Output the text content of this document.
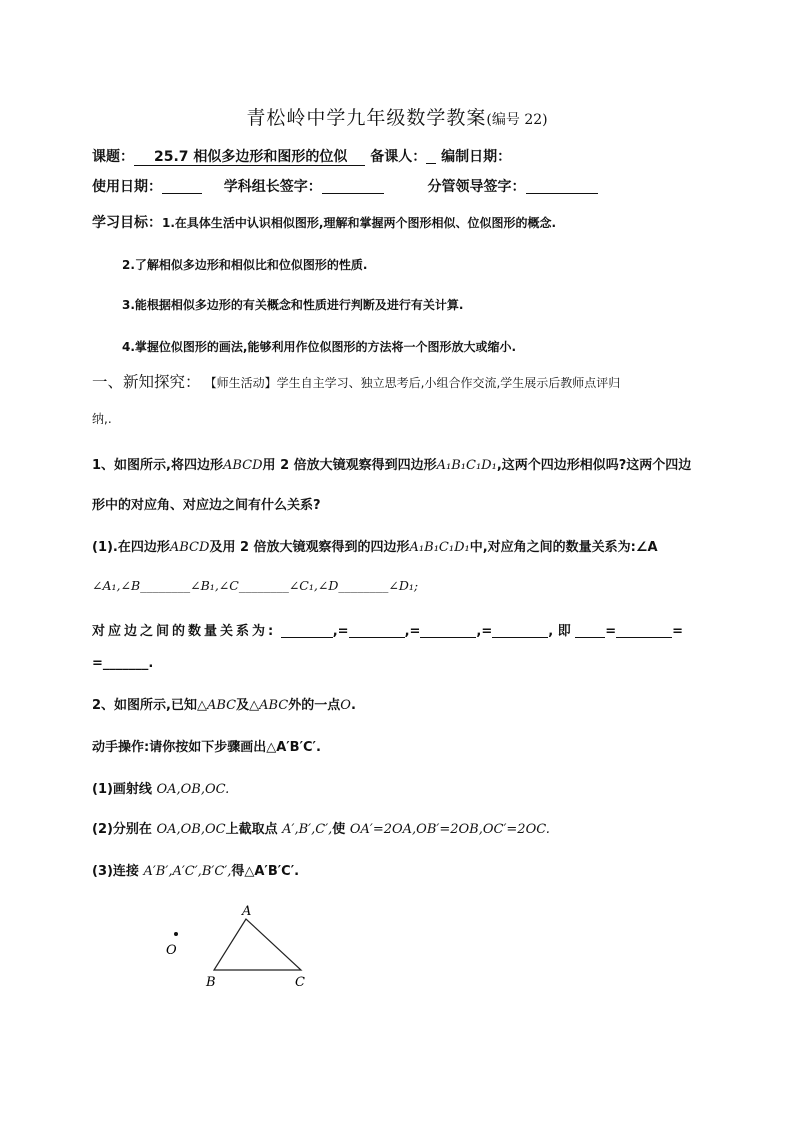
青松岭中学九年级数学教案(编号 22)
课题： 25.7 相似多边形和图形的位似 备课人： 编制日期：
使用日期：	学科组长签字：	分管领导签字：
学习目标：1.在具体生活中认识相似图形,理解和掌握两个图形相似、位似图形的概念.
2.了解相似多边形和相似比和位似图形的性质.
3.能根据相似多边形的有关概念和性质进行判断及进行有关计算.
4.掌握位似图形的画法,能够利用作位似图形的方法将一个图形放大或缩小.
一、新知探究： 【师生活动】学生自主学习、独立思考后,小组合作交流,学生展示后教师点评归
纳,.
1、如图所示,将四边形ABCD用 2 倍放大镜观察得到四边形A₁B₁C₁D₁,这两个四边形相似吗?这两个四边
形中的对应角、对应边之间有什么关系?
(1).在四边形ABCD及用 2 倍放大镜观察得到的四边形A₁B₁C₁D₁中,对应角之间的数量关系为:∠A
∠A₁,∠B________∠B₁,∠C________∠C₁,∠D________∠D₁;
对应边之间的数量关系为:	,=	,=	,=	, 即	=	=
=_______.
2、如图所示,已知△ABC及△ABC外的一点O.
动手操作:请你按如下步骤画出△A′B′C′.
(1)画射线 OA,OB,OC.
(2)分别在 OA,OB,OC上截取点 A′,B′,C′,使 OA′=2OA,OB′=2OB,OC′=2OC.
(3)连接 A′B′,A′C′,B′C′,得△A′B′C′.
A
B	C
O
